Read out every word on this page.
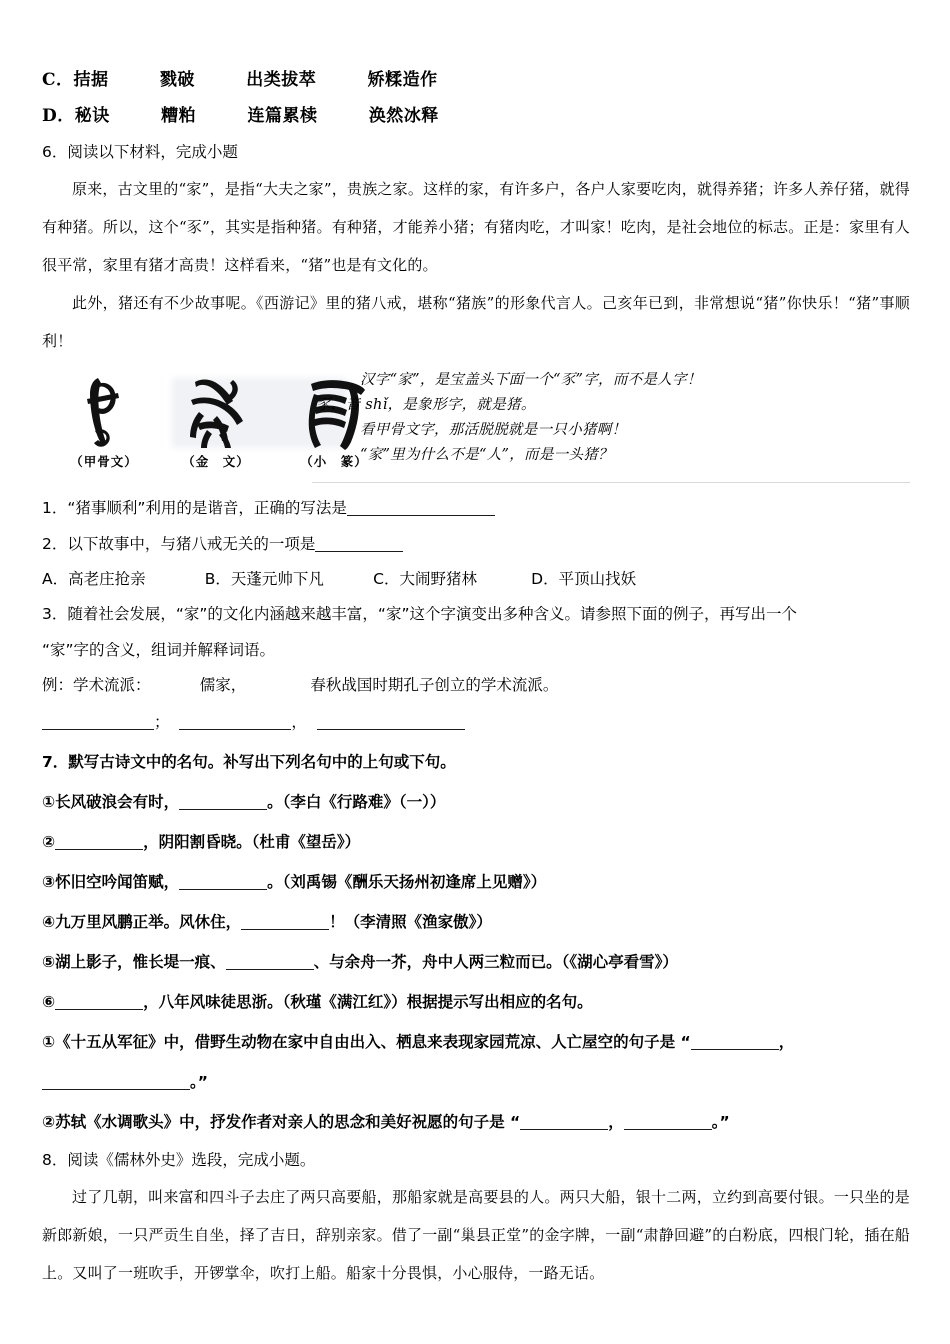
C．拮据        戮破        出类拔萃        矫糅造作
D．秘诀        糟粕        连篇累椟        涣然冰释
6．阅读以下材料，完成小题
原来，古文里的“家”，是指“大夫之家”，贵族之家。这样的家，有许多户，各户人家要吃肉，就得养猪；许多人养仔猪，就得有种猪。所以，这个“豕”，其实是指种猪。有种猪，才能养小猪；有猪肉吃，才叫家！吃肉，是社会地位的标志。正是：家里有人很平常，家里有猪才高贵！这样看来，“猪”也是有文化的。
此外，猪还有不少故事呢。《西游记》里的猪八戒，堪称“猪族”的形象代言人。己亥年已到，非常想说“猪”你快乐！“猪”事顺利！
（甲骨文）	（金　文）	（小　篆）
汉字“家”，是宝盖头下面一个“豕”字，而不是人字！
豕，音 shǐ，是象形字，就是猪。
看甲骨文字，那活脱脱就是一只小猪啊！
“家”里为什么不是“人”，而是一头猪？
1．“猪事顺利”利用的是谐音，正确的写法是
2．以下故事中，与猪八戒无关的一项是
A．高老庄抢亲            B．天蓬元帅下凡          C．大闹野猪林           D．平顶山找妖
3．随着社会发展，“家”的文化内涵越来越丰富，“家”这个字演变出多种含义。请参照下面的例子，再写出一个
“家”字的含义，组词并解释词语。
例：学术流派：          儒家，             春秋战国时期孔子创立的学术流派。
；	，
7．默写古诗文中的名句。补写出下列名句中的上句或下句。
①长风破浪会有时，	。（李白《行路难》（一））
②	，阴阳割昏晓。（杜甫《望岳》）
③怀旧空吟闻笛赋，	。（刘禹锡《酬乐天扬州初逢席上见赠》）
④九万里风鹏正举。风休住，	！（李清照《渔家傲》）
⑤湖上影子，惟长堤一痕、	、与余舟一芥，舟中人两三粒而已。（《湖心亭看雪》）
⑥	，八年风味徒思浙。（秋瑾《满江红》）根据提示写出相应的名句。
①《十五从军征》中，借野生动物在家中自由出入、栖息来表现家园荒凉、人亡屋空的句子是 “	，。”
②苏轼《水调歌头》中，抒发作者对亲人的思念和美好祝愿的句子是 “	，	。”
8．阅读《儒林外史》选段，完成小题。
过了几朝，叫来富和四斗子去庄了两只高要船，那船家就是高要县的人。两只大船，银十二两，立约到高要付银。一只坐的是新郎新娘，一只严贡生自坐，择了吉日，辞别亲家。借了一副“巢县正堂”的金字牌，一副“肃静回避”的白粉底，四根门轮，插在船上。又叫了一班吹手，开锣掌伞，吹打上船。船家十分畏惧，小心服侍，一路无话。
